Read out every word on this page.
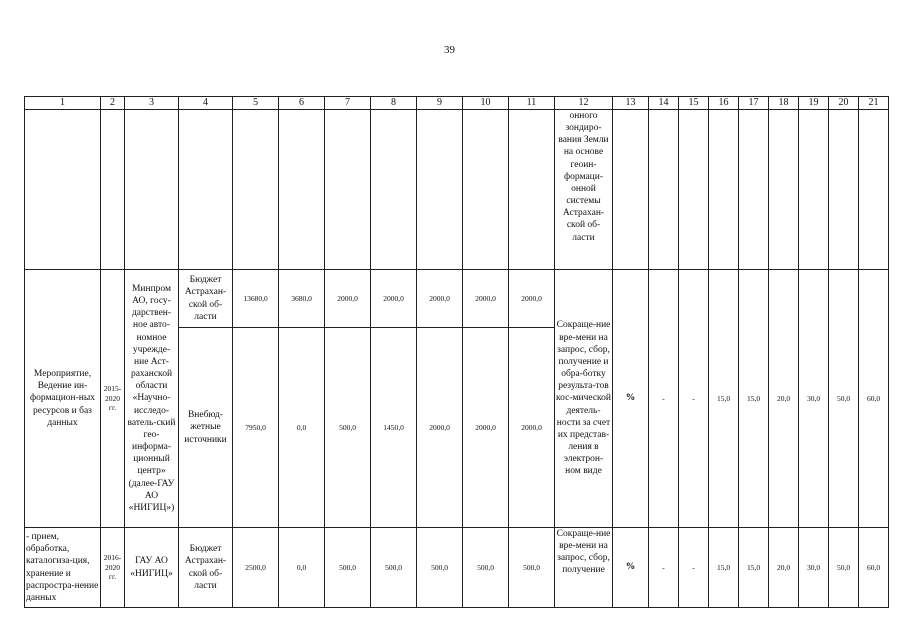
39
1	2	3	4	5	6	7	8	9	10	11	12	13	14	15	16	17	18	19	20	21
											онного зондиро-вания Земли на основе геоин-формаци-онной системы Астрахан-ской об-ласти									
Мероприятие, Ведение ин-формацион-ных ресурсов и баз данных	2015-2020 гг.	Минпром АО, госу-дарствен-ное авто-номное учрежде-ние Аст-раханской области «Научно-исследо-ватель-ский гео-информа-ционный центр» (далее-ГАУ АО «НИГИЦ»)	Бюджет Астрахан-ской об-ласти	13680,0	3680,0	2000,0	2000,0	2000,0	2000,0	2000,0	Сокраще-ние вре-мени на запрос, сбор, получение и обра-ботку результа-тов кос-мической деятель-ности за счет их представ-ления в электрон-ном виде	%	-	-	15,0	15,0	20,0	30,0	50,0	60,0
			Внебюд-жетные источники	7950,0	0,0	500,0	1450,0	2000,0	2000,0	2000,0										
- прием, обработка, каталогиза-ция, хранение и распростра-нение данных	2016-2020 гг.	ГАУ АО «НИГИЦ»	Бюджет Астрахан-ской об-ласти	2500,0	0,0	500,0	500,0	500,0	500,0	500,0	Сокраще-ние вре-мени на запрос, сбор, получение	%	-	-	15,0	15,0	20,0	30,0	50,0	60,0
